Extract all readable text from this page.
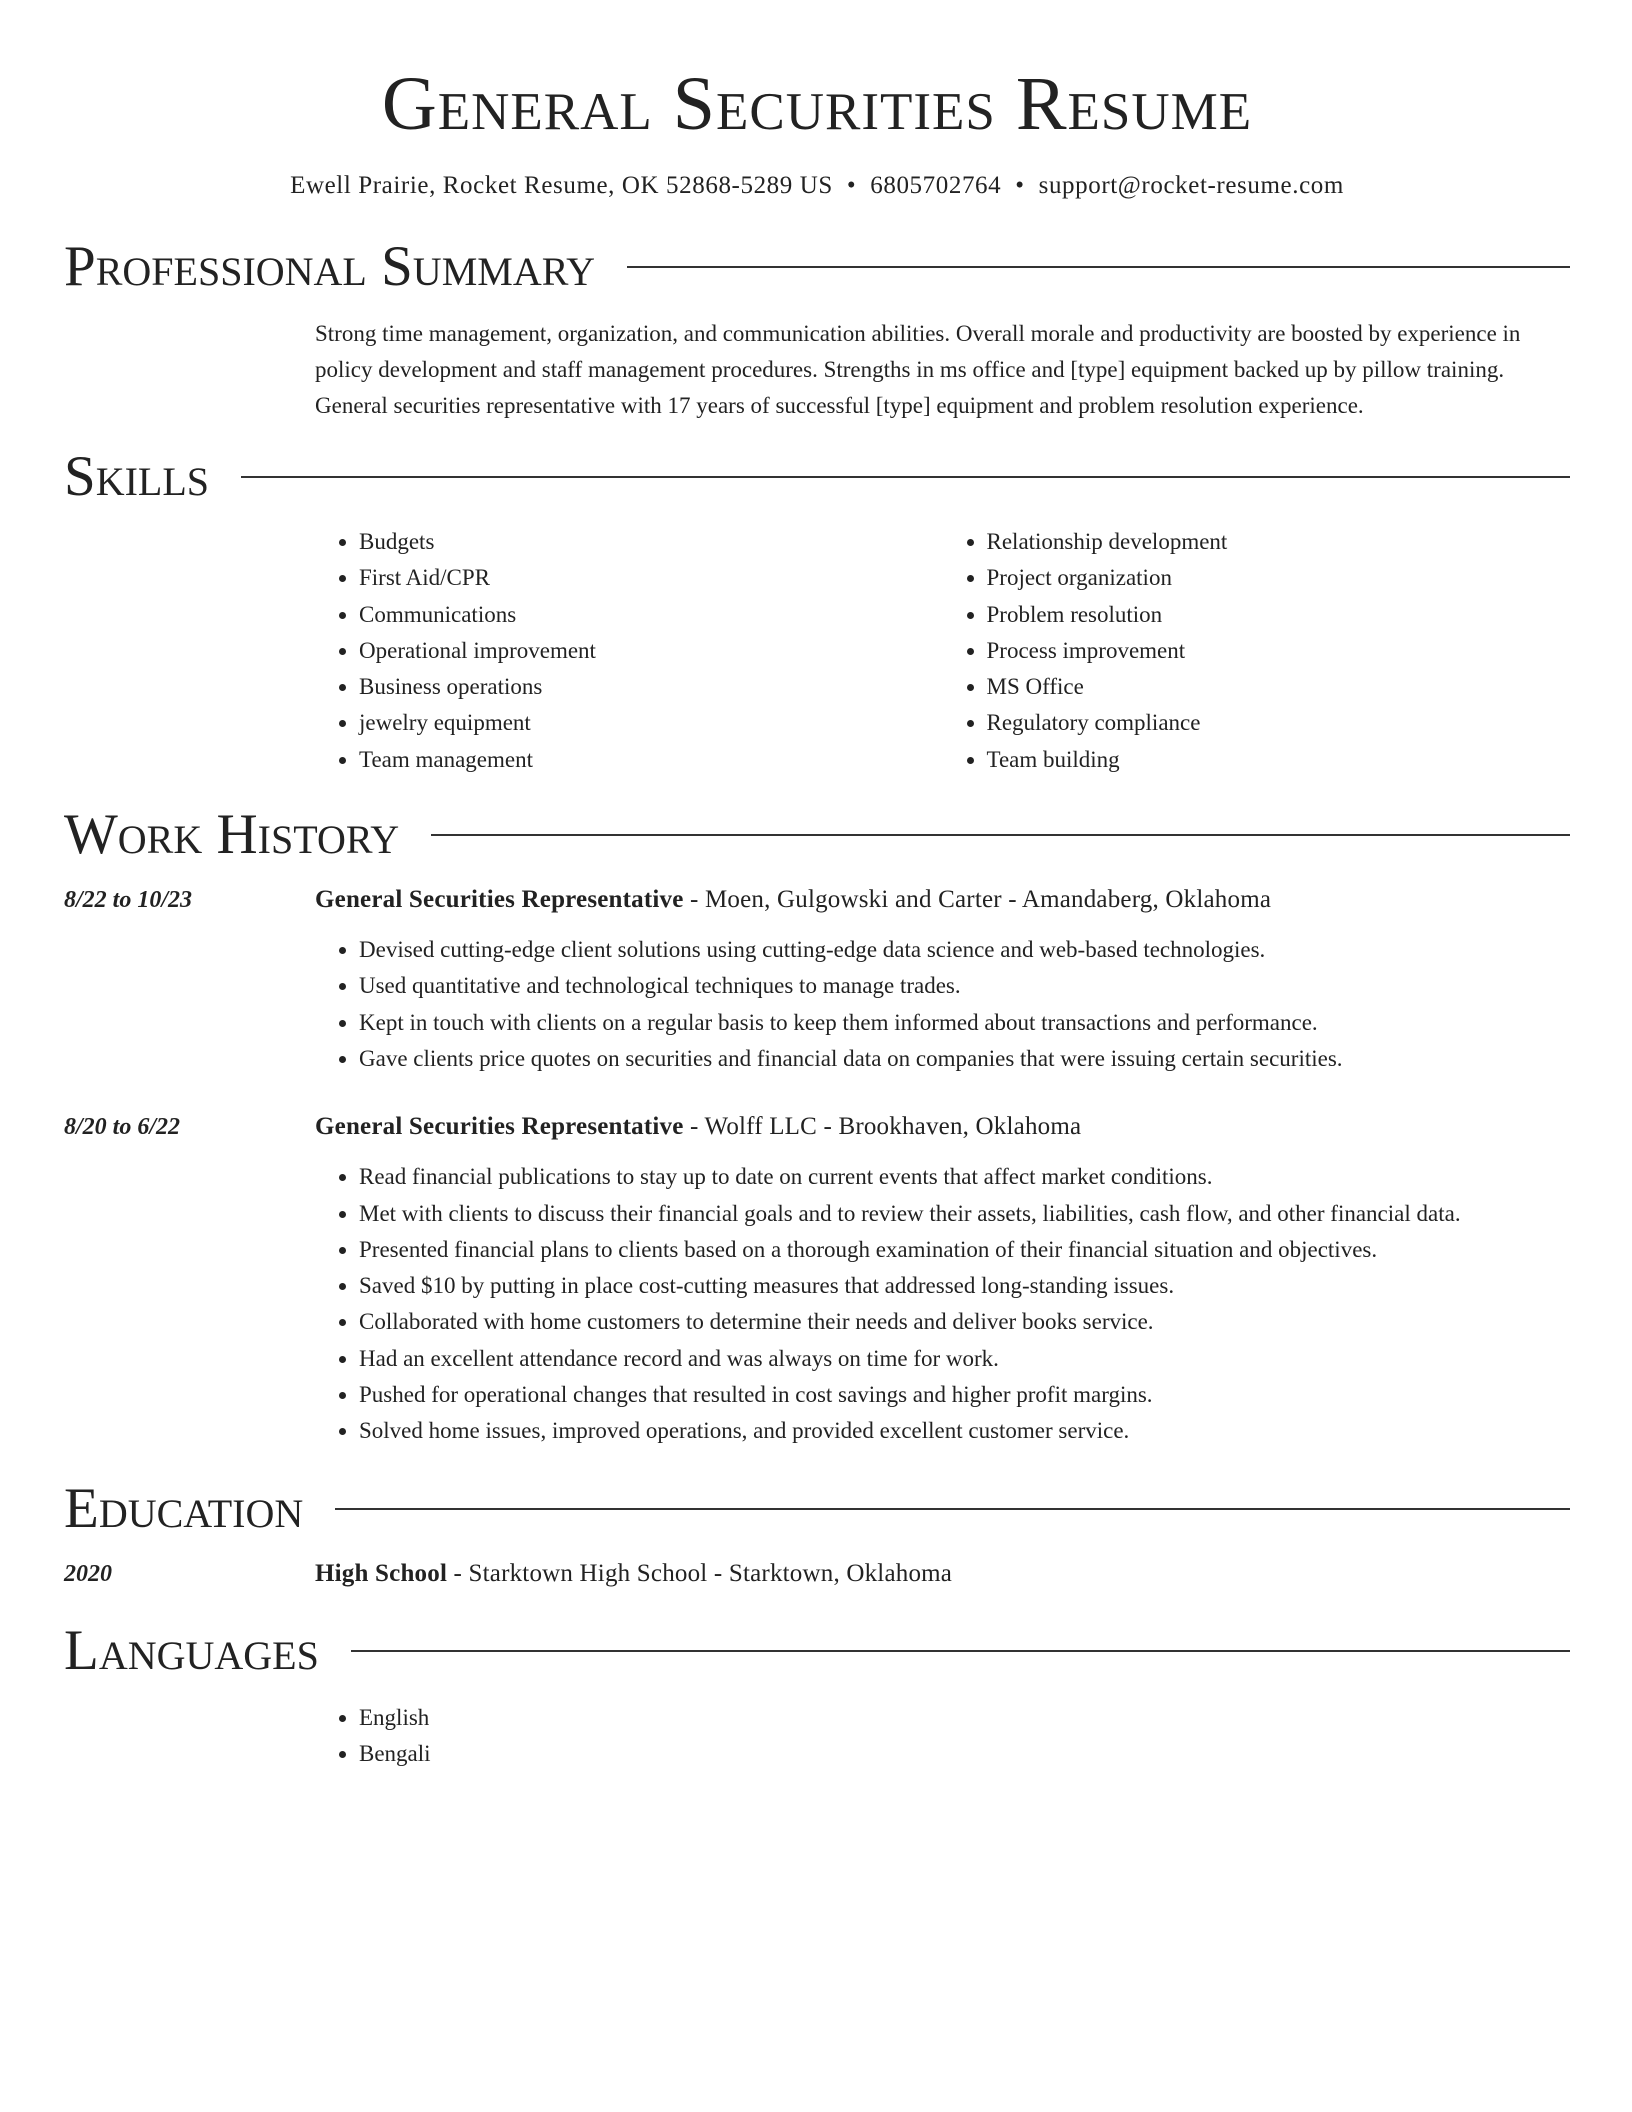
General Securities Resume
Ewell Prairie, Rocket Resume, OK 52868-5289 US • 6805702764 • support@rocket-resume.com
Professional Summary
Strong time management, organization, and communication abilities. Overall morale and productivity are boosted by experience in policy development and staff management procedures. Strengths in ms office and [type] equipment backed up by pillow training. General securities representative with 17 years of successful [type] equipment and problem resolution experience.
Skills
• Budgets
• First Aid/CPR
• Communications
• Operational improvement
• Business operations
• jewelry equipment
• Team management
• Relationship development
• Project organization
• Problem resolution
• Process improvement
• MS Office
• Regulatory compliance
• Team building
Work History
8/22 to 10/23	General Securities Representative - Moen, Gulgowski and Carter - Amandaberg, Oklahoma
• Devised cutting-edge client solutions using cutting-edge data science and web-based technologies.
• Used quantitative and technological techniques to manage trades.
• Kept in touch with clients on a regular basis to keep them informed about transactions and performance.
• Gave clients price quotes on securities and financial data on companies that were issuing certain securities.
8/20 to 6/22	General Securities Representative - Wolff LLC - Brookhaven, Oklahoma
• Read financial publications to stay up to date on current events that affect market conditions.
• Met with clients to discuss their financial goals and to review their assets, liabilities, cash flow, and other financial data.
• Presented financial plans to clients based on a thorough examination of their financial situation and objectives.
• Saved $10 by putting in place cost-cutting measures that addressed long-standing issues.
• Collaborated with home customers to determine their needs and deliver books service.
• Had an excellent attendance record and was always on time for work.
• Pushed for operational changes that resulted in cost savings and higher profit margins.
• Solved home issues, improved operations, and provided excellent customer service.
Education
2020	High School - Starktown High School - Starktown, Oklahoma
Languages
• English
• Bengali
